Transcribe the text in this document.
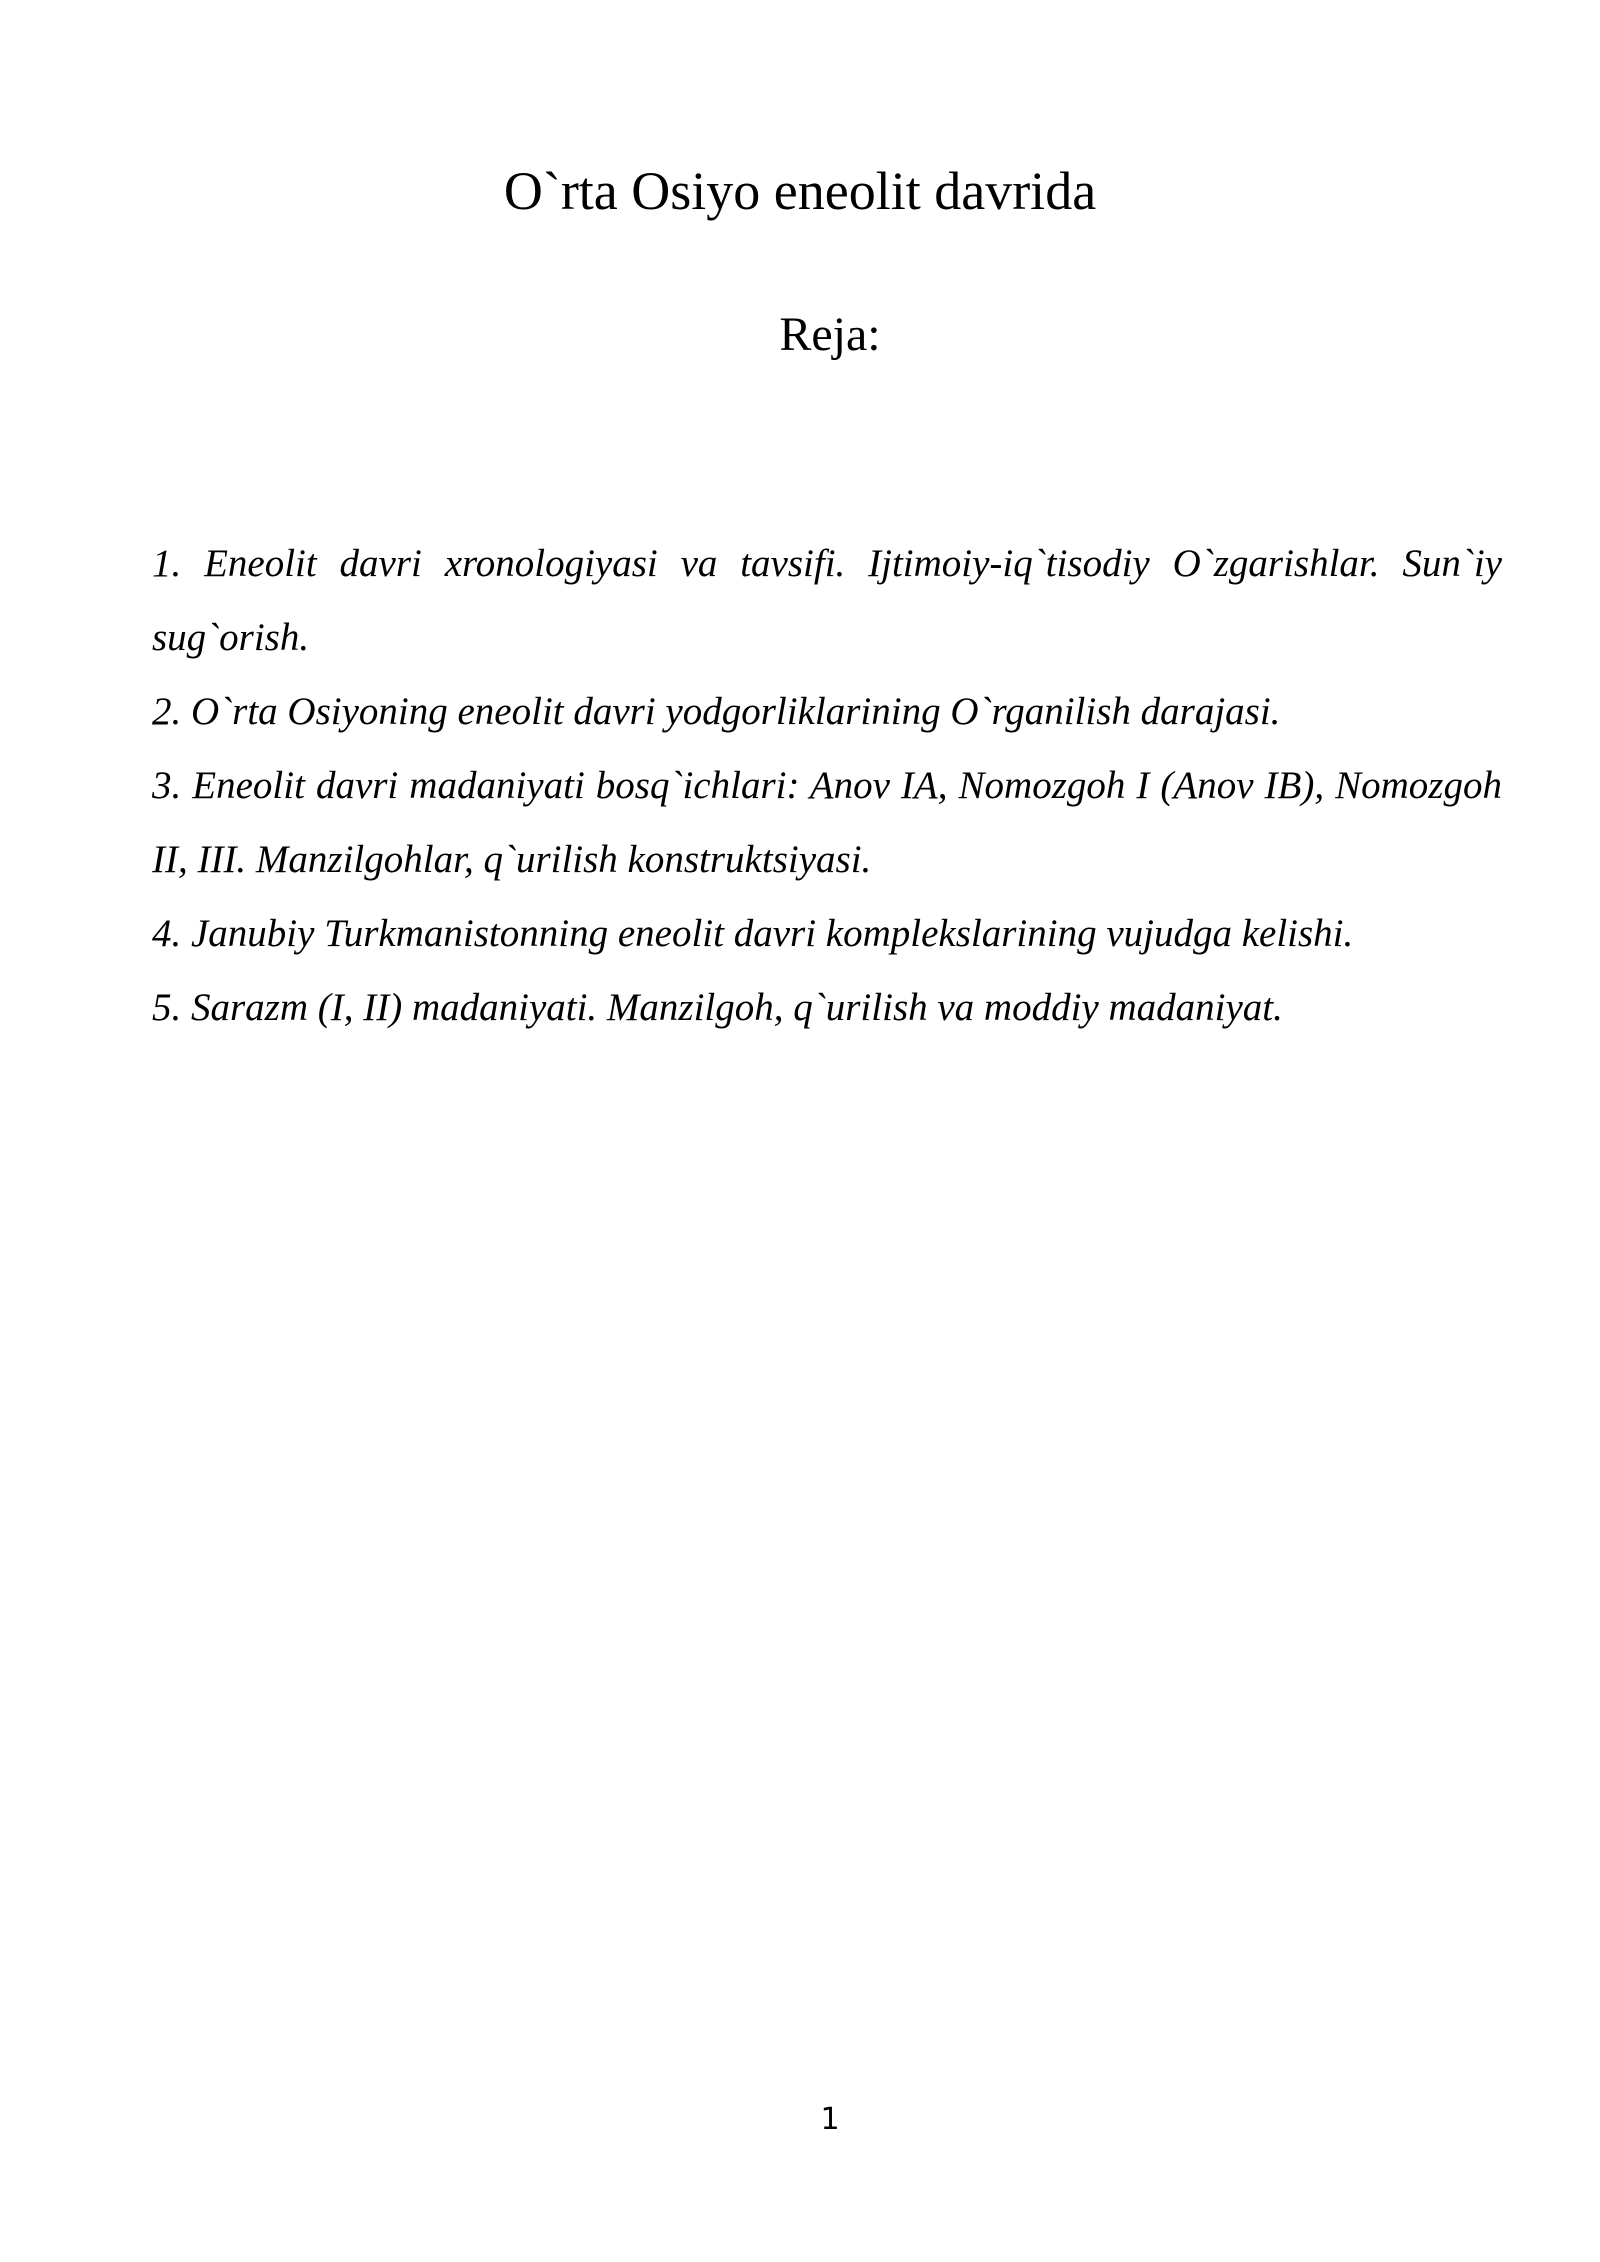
O`rta Osiyo eneolit davrida
Reja:
1. Eneolit davri xronologiyasi va tavsifi. Ijtimoiy-iq`tisodiy O`zgarishlar. Sun`iy sug`orish.
2. O`rta Osiyoning eneolit davri yodgorliklarining O`rganilish darajasi.
3. Eneolit davri madaniyati bosq`ichlari: Anov IA, Nomozgoh I (Anov IB), Nomozgoh II, III. Manzilgohlar, q`urilish konstruktsiyasi.
4. Janubiy Turkmanistonning eneolit davri komplekslarining vujudga kelishi.
5. Sarazm (I, II) madaniyati. Manzilgoh, q`urilish va moddiy madaniyat.
1
